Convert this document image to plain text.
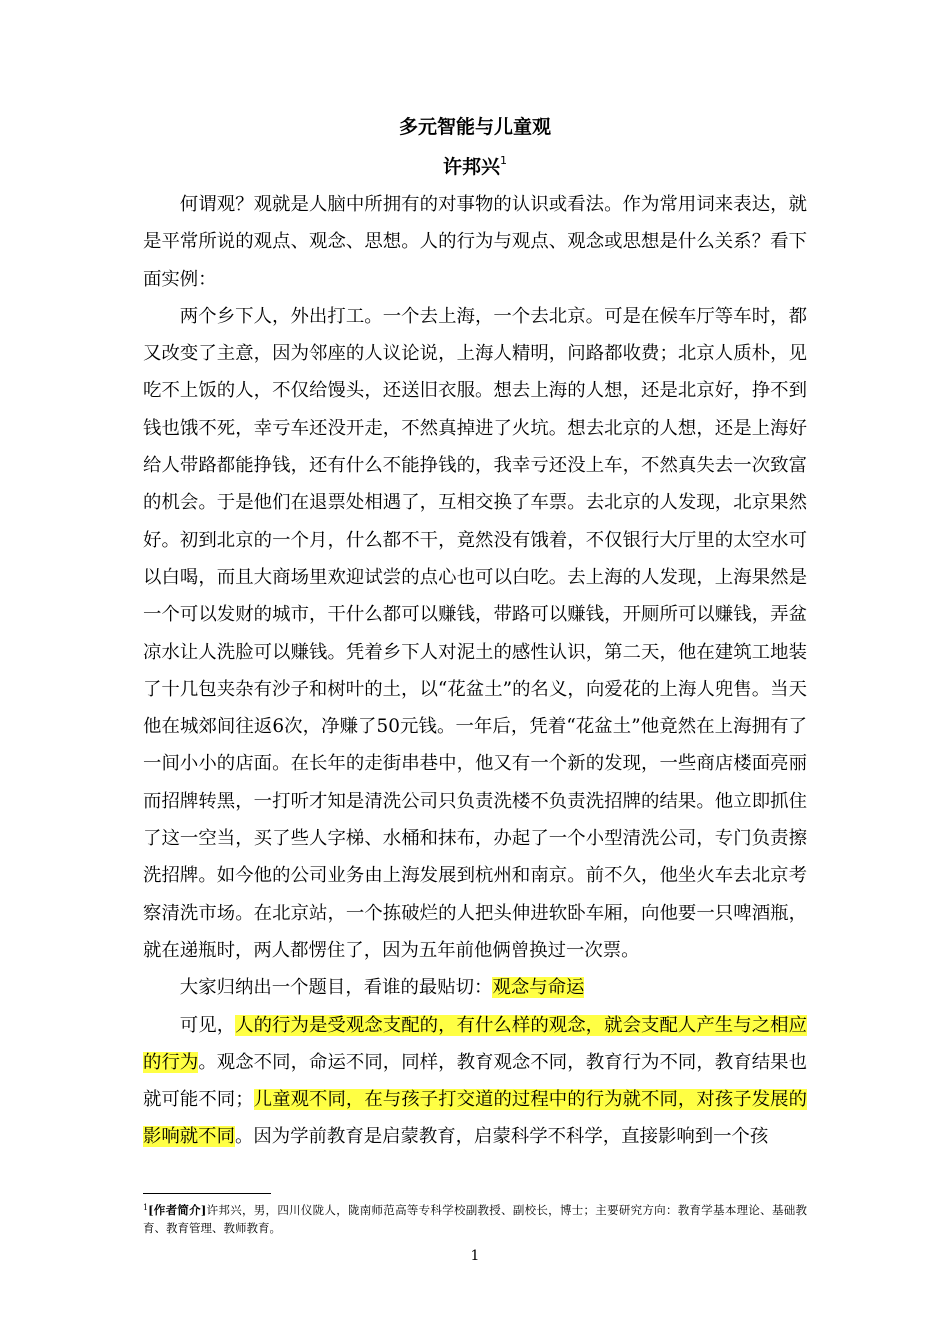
多元智能与儿童观
许邦兴$^1$

何谓观？观就是人脑中所拥有的对事物的认识或看法。作为常用词来表达，就是平常所说的观点、观念、思想。人的行为与观点、观念或思想是什么关系？看下面实例：

两个乡下人，外出打工。一个去上海，一个去北京。可是在候车厅等车时，都又改变了主意，因为邻座的人议论说，上海人精明，问路都收费；北京人质朴，见吃不上饭的人，不仅给馒头，还送旧衣服。想去上海的人想，还是北京好，挣不到钱也饿不死，幸亏车还没开走，不然真掉进了火坑。想去北京的人想，还是上海好给人带路都能挣钱，还有什么不能挣钱的，我幸亏还没上车，不然真失去一次致富的机会。于是他们在退票处相遇了，互相交换了车票。去北京的人发现，北京果然好。初到北京的一个月，什么都不干，竟然没有饿着，不仅银行大厅里的太空水可以白喝，而且大商场里欢迎试尝的点心也可以白吃。去上海的人发现，上海果然是一个可以发财的城市，干什么都可以赚钱，带路可以赚钱，开厕所可以赚钱，弄盆凉水让人洗脸可以赚钱。凭着乡下人对泥土的感性认识，第二天，他在建筑工地装了十几包夹杂有沙子和树叶的土，以“花盆土”的名义，向爱花的上海人兜售。当天他在城郊间往返6次，净赚了50元钱。一年后，凭着“花盆土”他竟然在上海拥有了一间小小的店面。在长年的走街串巷中，他又有一个新的发现，一些商店楼面亮丽而招牌转黑，一打听才知是清洗公司只负责洗楼不负责洗招牌的结果。他立即抓住了这一空当，买了些人字梯、水桶和抹布，办起了一个小型清洗公司，专门负责擦洗招牌。如今他的公司业务由上海发展到杭州和南京。前不久，他坐火车去北京考察清洗市场。在北京站，一个拣破烂的人把头伸进软卧车厢，向他要一只啤酒瓶，就在递瓶时，两人都愣住了，因为五年前他俩曾换过一次票。

大家归纳出一个题目，看谁的最贴切：观念与命运

可见，人的行为是受观念支配的，有什么样的观念，就会支配人产生与之相应的行为。观念不同，命运不同，同样，教育观念不同，教育行为不同，教育结果也就可能不同；儿童观不同，在与孩子打交道的过程中的行为就不同，对孩子发展的影响就不同。因为学前教育是启蒙教育，启蒙科学不科学，直接影响到一个孩

$^1$[作者简介]许邦兴，男，四川仪陇人，陇南师范高等专科学校副教授、副校长，博士；主要研究方向：教育学基本理论、基础教育、教育管理、教师教育。
1
